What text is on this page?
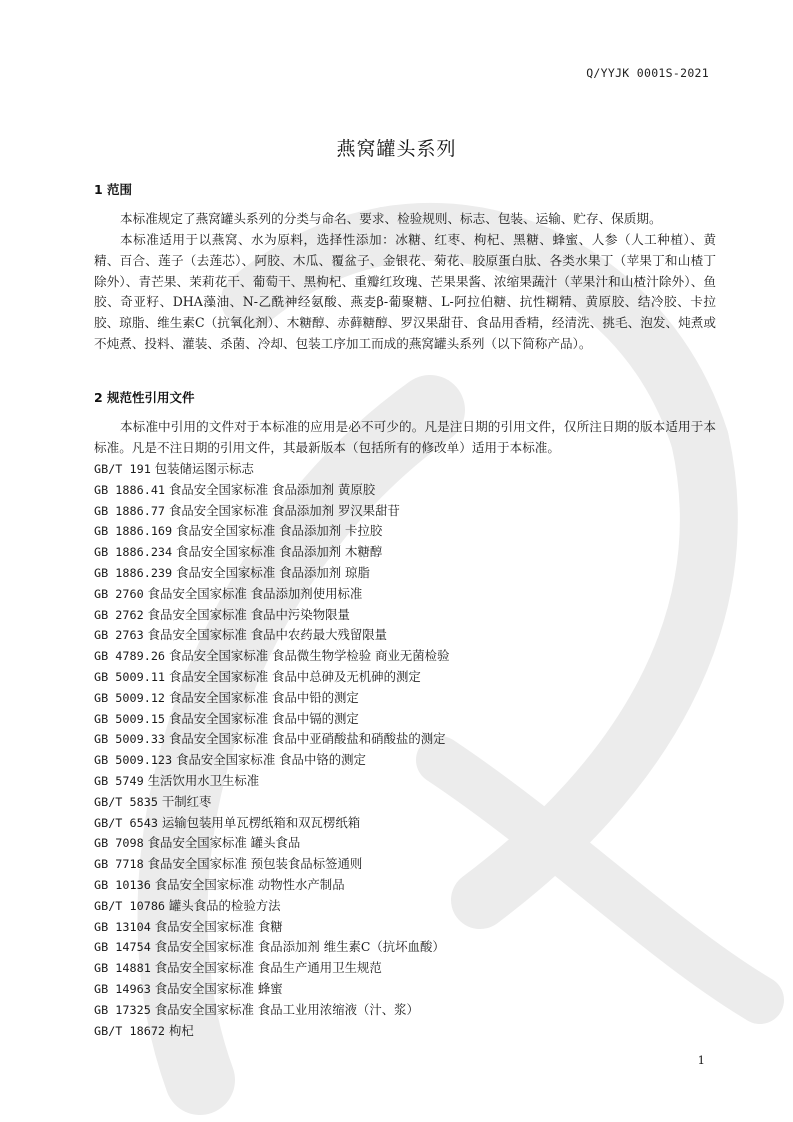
Q/YYJK 0001S-2021
燕窝罐头系列
1 范围

本标准规定了燕窝罐头系列的分类与命名、要求、检验规则、标志、包装、运输、贮存、保质期。

本标准适用于以燕窝、水为原料，选择性添加：冰糖、红枣、枸杞、黑糖、蜂蜜、人参（人工种植）、黄精、百合、莲子（去莲芯）、阿胶、木瓜、覆盆子、金银花、菊花、胶原蛋白肽、各类水果丁（苹果丁和山楂丁除外）、青芒果、茉莉花干、葡萄干、黑枸杞、重瓣红玫瑰、芒果果酱、浓缩果蔬汁（苹果汁和山楂汁除外）、鱼胶、奇亚籽、DHA藻油、N-乙酰神经氨酸、燕麦β-葡聚糖、L-阿拉伯糖、抗性糊精、黄原胶、结冷胶、卡拉胶、琼脂、维生素C（抗氧化剂）、木糖醇、赤藓糖醇、罗汉果甜苷、食品用香精，经清洗、挑毛、泡发、炖煮或不炖煮、投料、灌装、杀菌、冷却、包装工序加工而成的燕窝罐头系列（以下简称产品）。

2 规范性引用文件

本标准中引用的文件对于本标准的应用是必不可少的。凡是注日期的引用文件，仅所注日期的版本适用于本标准。凡是不注日期的引用文件，其最新版本（包括所有的修改单）适用于本标准。

GB/T 191 包装储运图示标志
GB 1886.41 食品安全国家标准 食品添加剂 黄原胶
GB 1886.77 食品安全国家标准 食品添加剂 罗汉果甜苷
GB 1886.169 食品安全国家标准 食品添加剂 卡拉胶
GB 1886.234 食品安全国家标准 食品添加剂 木糖醇
GB 1886.239 食品安全国家标准 食品添加剂 琼脂
GB 2760 食品安全国家标准 食品添加剂使用标准
GB 2762 食品安全国家标准 食品中污染物限量
GB 2763 食品安全国家标准 食品中农药最大残留限量
GB 4789.26 食品安全国家标准 食品微生物学检验 商业无菌检验
GB 5009.11 食品安全国家标准 食品中总砷及无机砷的测定
GB 5009.12 食品安全国家标准 食品中铅的测定
GB 5009.15 食品安全国家标准 食品中镉的测定
GB 5009.33 食品安全国家标准 食品中亚硝酸盐和硝酸盐的测定
GB 5009.123 食品安全国家标准 食品中铬的测定
GB 5749 生活饮用水卫生标准
GB/T 5835 干制红枣
GB/T 6543 运输包装用单瓦楞纸箱和双瓦楞纸箱
GB 7098 食品安全国家标准 罐头食品
GB 7718 食品安全国家标准 预包装食品标签通则
GB 10136 食品安全国家标准 动物性水产制品
GB/T 10786 罐头食品的检验方法
GB 13104 食品安全国家标准 食糖
GB 14754 食品安全国家标准 食品添加剂 维生素C（抗坏血酸）
GB 14881 食品安全国家标准 食品生产通用卫生规范
GB 14963 食品安全国家标准 蜂蜜
GB 17325 食品安全国家标准 食品工业用浓缩液（汁、浆）
GB/T 18672 枸杞
1
